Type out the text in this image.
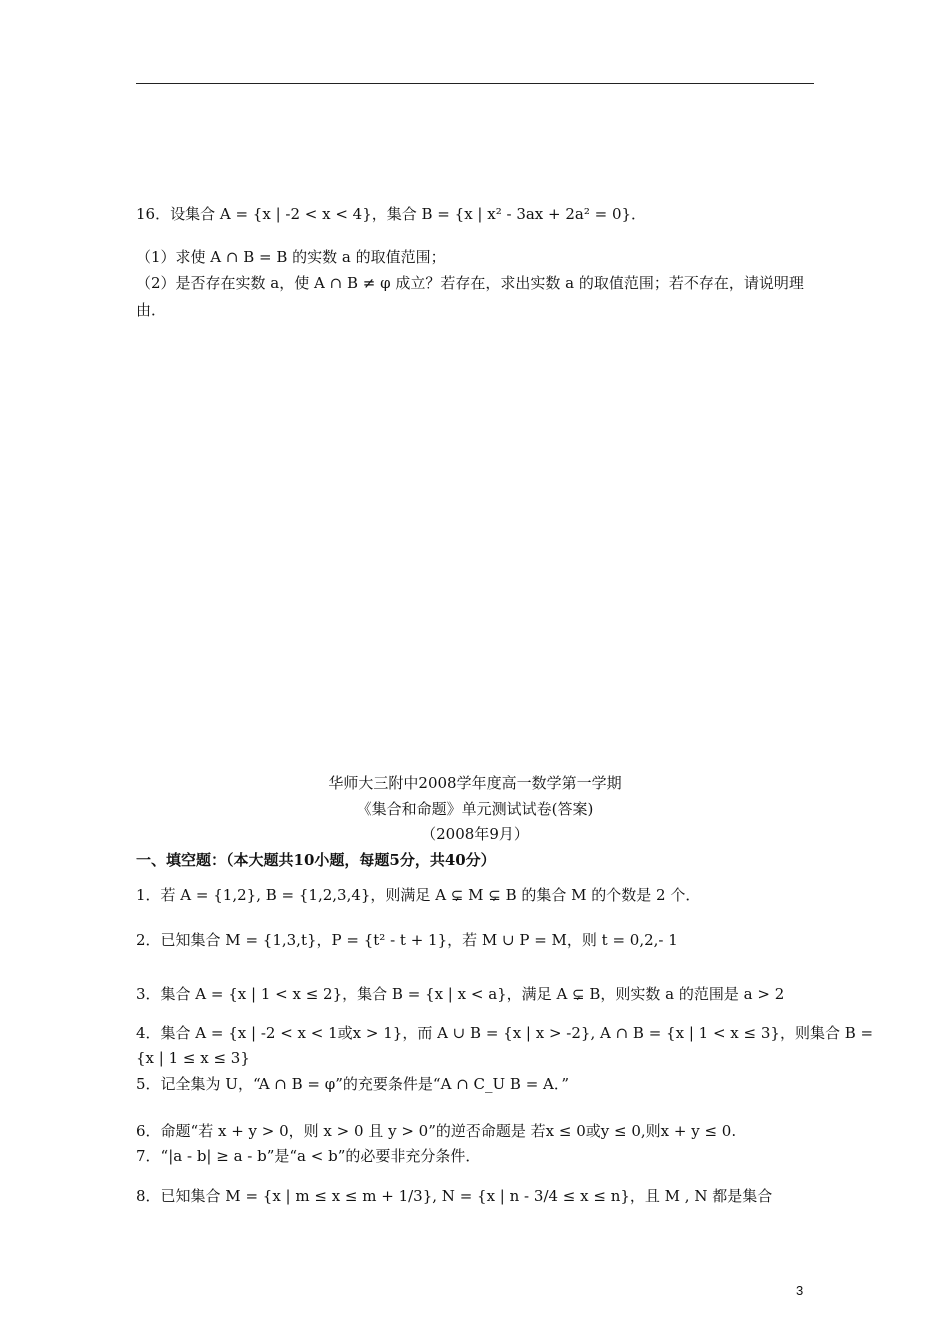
16．设集合 A = {x | -2 < x < 4}，集合 B = {x | x² - 3ax + 2a² = 0}．
（1）求使 A ∩ B = B 的实数 a 的取值范围；
（2）是否存在实数 a，使 A ∩ B ≠ φ 成立？若存在，求出实数 a 的取值范围；若不存在，请说明理
由．
华师大三附中2008学年度高一数学第一学期
《集合和命题》单元测试试卷(答案)
（2008年9月）
一、填空题：（本大题共10小题，每题5分，共40分）
1．若 A = {1,2}, B = {1,2,3,4}，则满足 A ⊊ M ⊊ B 的集合 M 的个数是 2 个．
2．已知集合 M = {1,3,t}，P = {t² - t + 1}，若 M ∪ P = M，则 t = 0,2,- 1
3．集合 A = {x | 1 < x ≤ 2}，集合 B = {x | x < a}，满足 A ⊊ B，则实数 a 的范围是 a > 2
4．集合 A = {x | -2 < x < 1或x > 1}，而 A ∪ B = {x | x > -2}, A ∩ B = {x | 1 < x ≤ 3}，则集合 B =
{x | 1 ≤ x ≤ 3}
5．记全集为 U，“A ∩ B = φ”的充要条件是“A ∩ C_U B = A．”
6．命题“若 x + y > 0，则 x > 0 且 y > 0”的逆否命题是 若x ≤ 0或y ≤ 0,则x + y ≤ 0.
7．“|a - b| ≥ a - b”是“a < b”的必要非充分条件．
8．已知集合 M = {x | m ≤ x ≤ m + 1/3}, N = {x | n - 3/4 ≤ x ≤ n}，且 M , N 都是集合
3
